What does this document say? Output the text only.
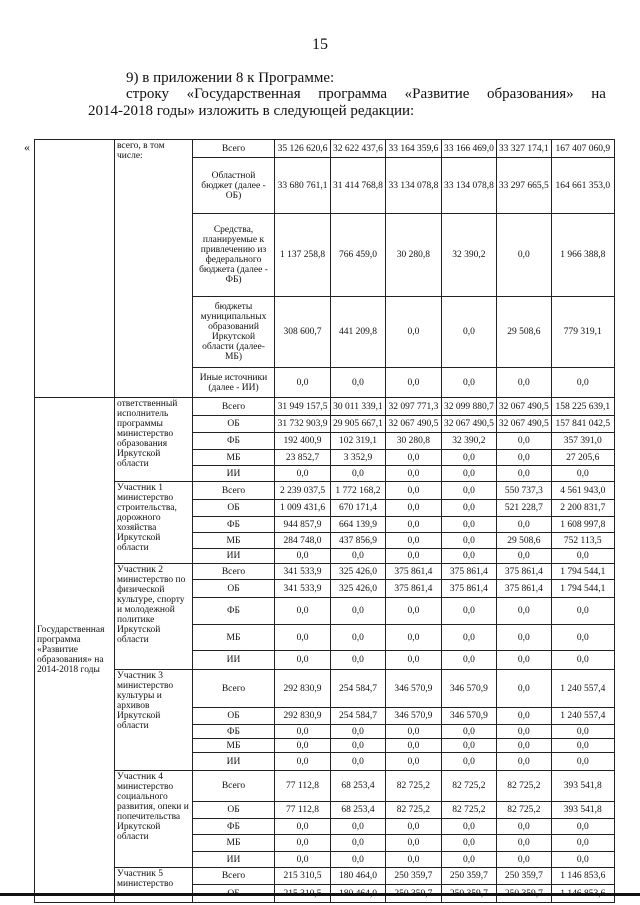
15
9) в приложении 8 к Программе:
строку «Государственная программа «Развитие образования» на
2014-2018 годы» изложить в следующей редакции:
«
		всего, в том числе:	Всего	35 126 620,6	32 622 437,6	33 164 359,6	33 166 469,0	33 327 174,1	167 407 060,9
		Областной бюджет (далее - ОБ)	33 680 761,1	31 414 768,8	33 134 078,8	33 134 078,8	33 297 665,5	164 661 353,0
		Средства, планируемые к привлечению из федерального бюджета (далее - ФБ)	1 137 258,8	766 459,0	30 280,8	32 390,2	0,0	1 966 388,8
		бюджеты муниципальных образований Иркутской области (далее- МБ)	308 600,7	441 209,8	0,0	0,0	29 508,6	779 319,1
		Иные источники (далее - ИИ)	0,0	0,0	0,0	0,0	0,0	0,0
Государственная программа «Развитие образования» на 2014-2018 годы	ответственный исполнитель программы министерство образования Иркутской области	Всего	31 949 157,5	30 011 339,1	32 097 771,3	32 099 880,7	32 067 490,5	158 225 639,1
		ОБ	31 732 903,9	29 905 667,1	32 067 490,5	32 067 490,5	32 067 490,5	157 841 042,5
		ФБ	192 400,9	102 319,1	30 280,8	32 390,2	0,0	357 391,0
		МБ	23 852,7	3 352,9	0,0	0,0	0,0	27 205,6
		ИИ	0,0	0,0	0,0	0,0	0,0	0,0
	Участник 1 министерство строительства, дорожного хозяйства Иркутской области	Всего	2 239 037,5	1 772 168,2	0,0	0,0	550 737,3	4 561 943,0
		ОБ	1 009 431,6	670 171,4	0,0	0,0	521 228,7	2 200 831,7
		ФБ	944 857,9	664 139,9	0,0	0,0	0,0	1 608 997,8
		МБ	284 748,0	437 856,9	0,0	0,0	29 508,6	752 113,5
		ИИ	0,0	0,0	0,0	0,0	0,0	0,0
	Участник 2 министерство по физической культуре, спорту и молодежной политике Иркутской области	Всего	341 533,9	325 426,0	375 861,4	375 861,4	375 861,4	1 794 544,1
		ОБ	341 533,9	325 426,0	375 861,4	375 861,4	375 861,4	1 794 544,1
		ФБ	0,0	0,0	0,0	0,0	0,0	0,0
		МБ	0,0	0,0	0,0	0,0	0,0	0,0
		ИИ	0,0	0,0	0,0	0,0	0,0	0,0
	Участник 3 министерство культуры и архивов Иркутской области	Всего	292 830,9	254 584,7	346 570,9	346 570,9	0,0	1 240 557,4
		ОБ	292 830,9	254 584,7	346 570,9	346 570,9	0,0	1 240 557,4
		ФБ	0,0	0,0	0,0	0,0	0,0	0,0
		МБ	0,0	0,0	0,0	0,0	0,0	0,0
		ИИ	0,0	0,0	0,0	0,0	0,0	0,0
	Участник 4 министерство социального развития, опеки и попечительства Иркутской области	Всего	77 112,8	68 253,4	82 725,2	82 725,2	82 725,2	393 541,8
		ОБ	77 112,8	68 253,4	82 725,2	82 725,2	82 725,2	393 541,8
		ФБ	0,0	0,0	0,0	0,0	0,0	0,0
		МБ	0,0	0,0	0,0	0,0	0,0	0,0
		ИИ	0,0	0,0	0,0	0,0	0,0	0,0
	Участник 5 министерство	Всего	215 310,5	180 464,0	250 359,7	250 359,7	250 359,7	1 146 853,6
